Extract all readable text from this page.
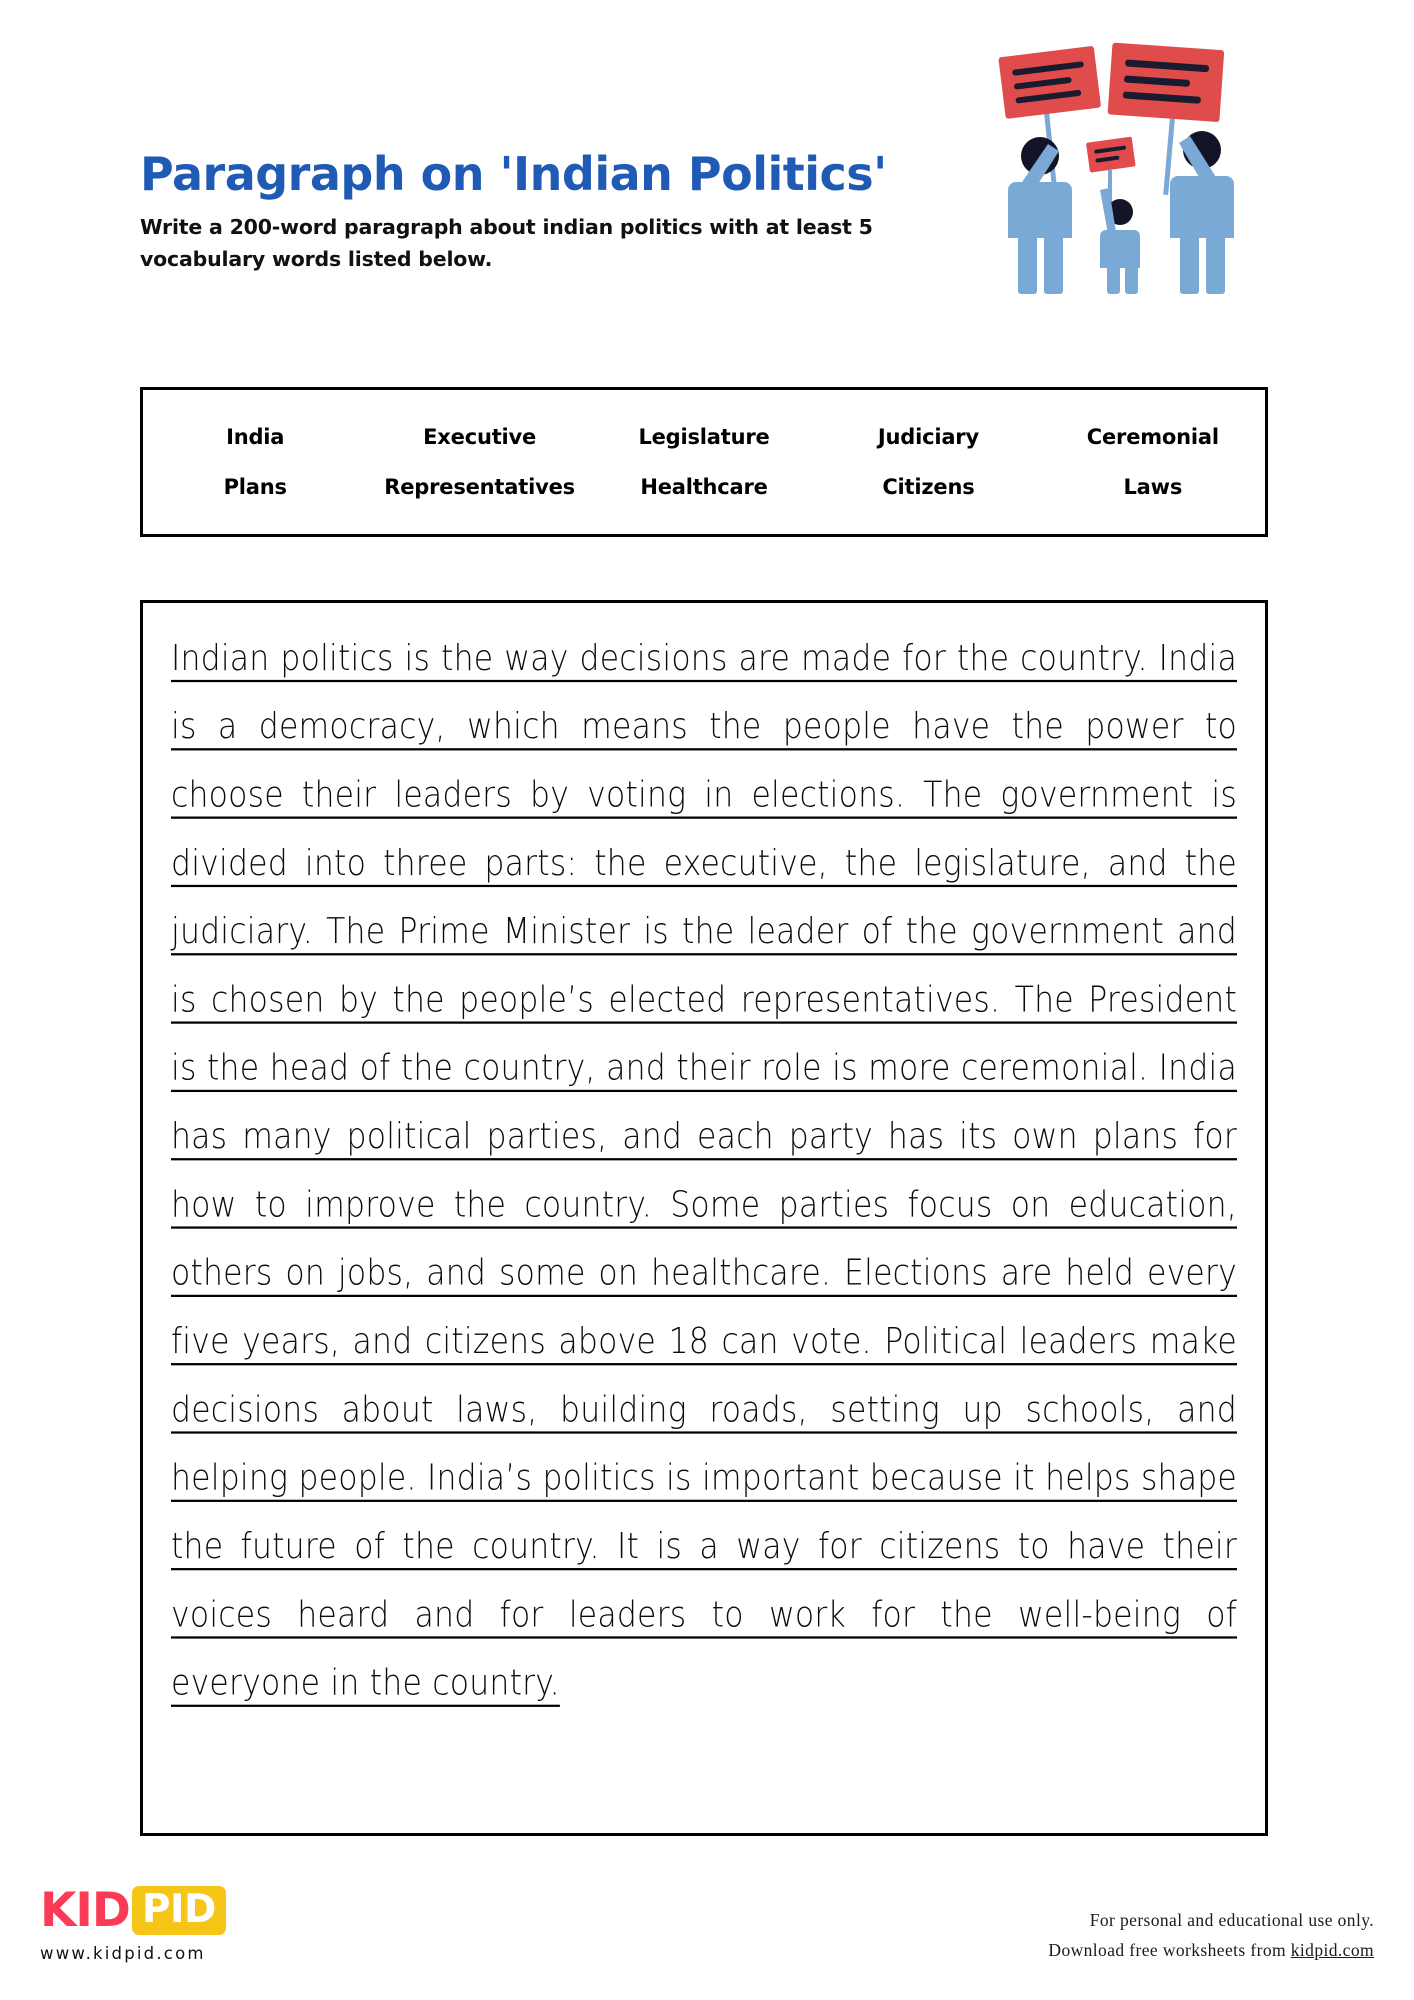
Paragraph on 'Indian Politics'

Write a 200-word paragraph about indian politics with at least 5 vocabulary words listed below.

India	Executive	Legislature	Judiciary	Ceremonial
Plans	Representatives	Healthcare	Citizens	Laws

Indian politics is the way decisions are made for the country. India is a democracy, which means the people have the power to choose their leaders by voting in elections. The government is divided into three parts: the executive, the legislature, and the judiciary. The Prime Minister is the leader of the government and is chosen by the people’s elected representatives. The President is the head of the country, and their role is more ceremonial. India has many political parties, and each party has its own plans for how to improve the country. Some parties focus on education, others on jobs, and some on healthcare. Elections are held every five years, and citizens above 18 can vote. Political leaders make decisions about laws, building roads, setting up schools, and helping people. India’s politics is important because it helps shape the future of the country. It is a way for citizens to have their voices heard and for leaders to work for the well-being of everyone in the country.

KID PID
www.kidpid.com
For personal and educational use only.
Download free worksheets from kidpid.com
